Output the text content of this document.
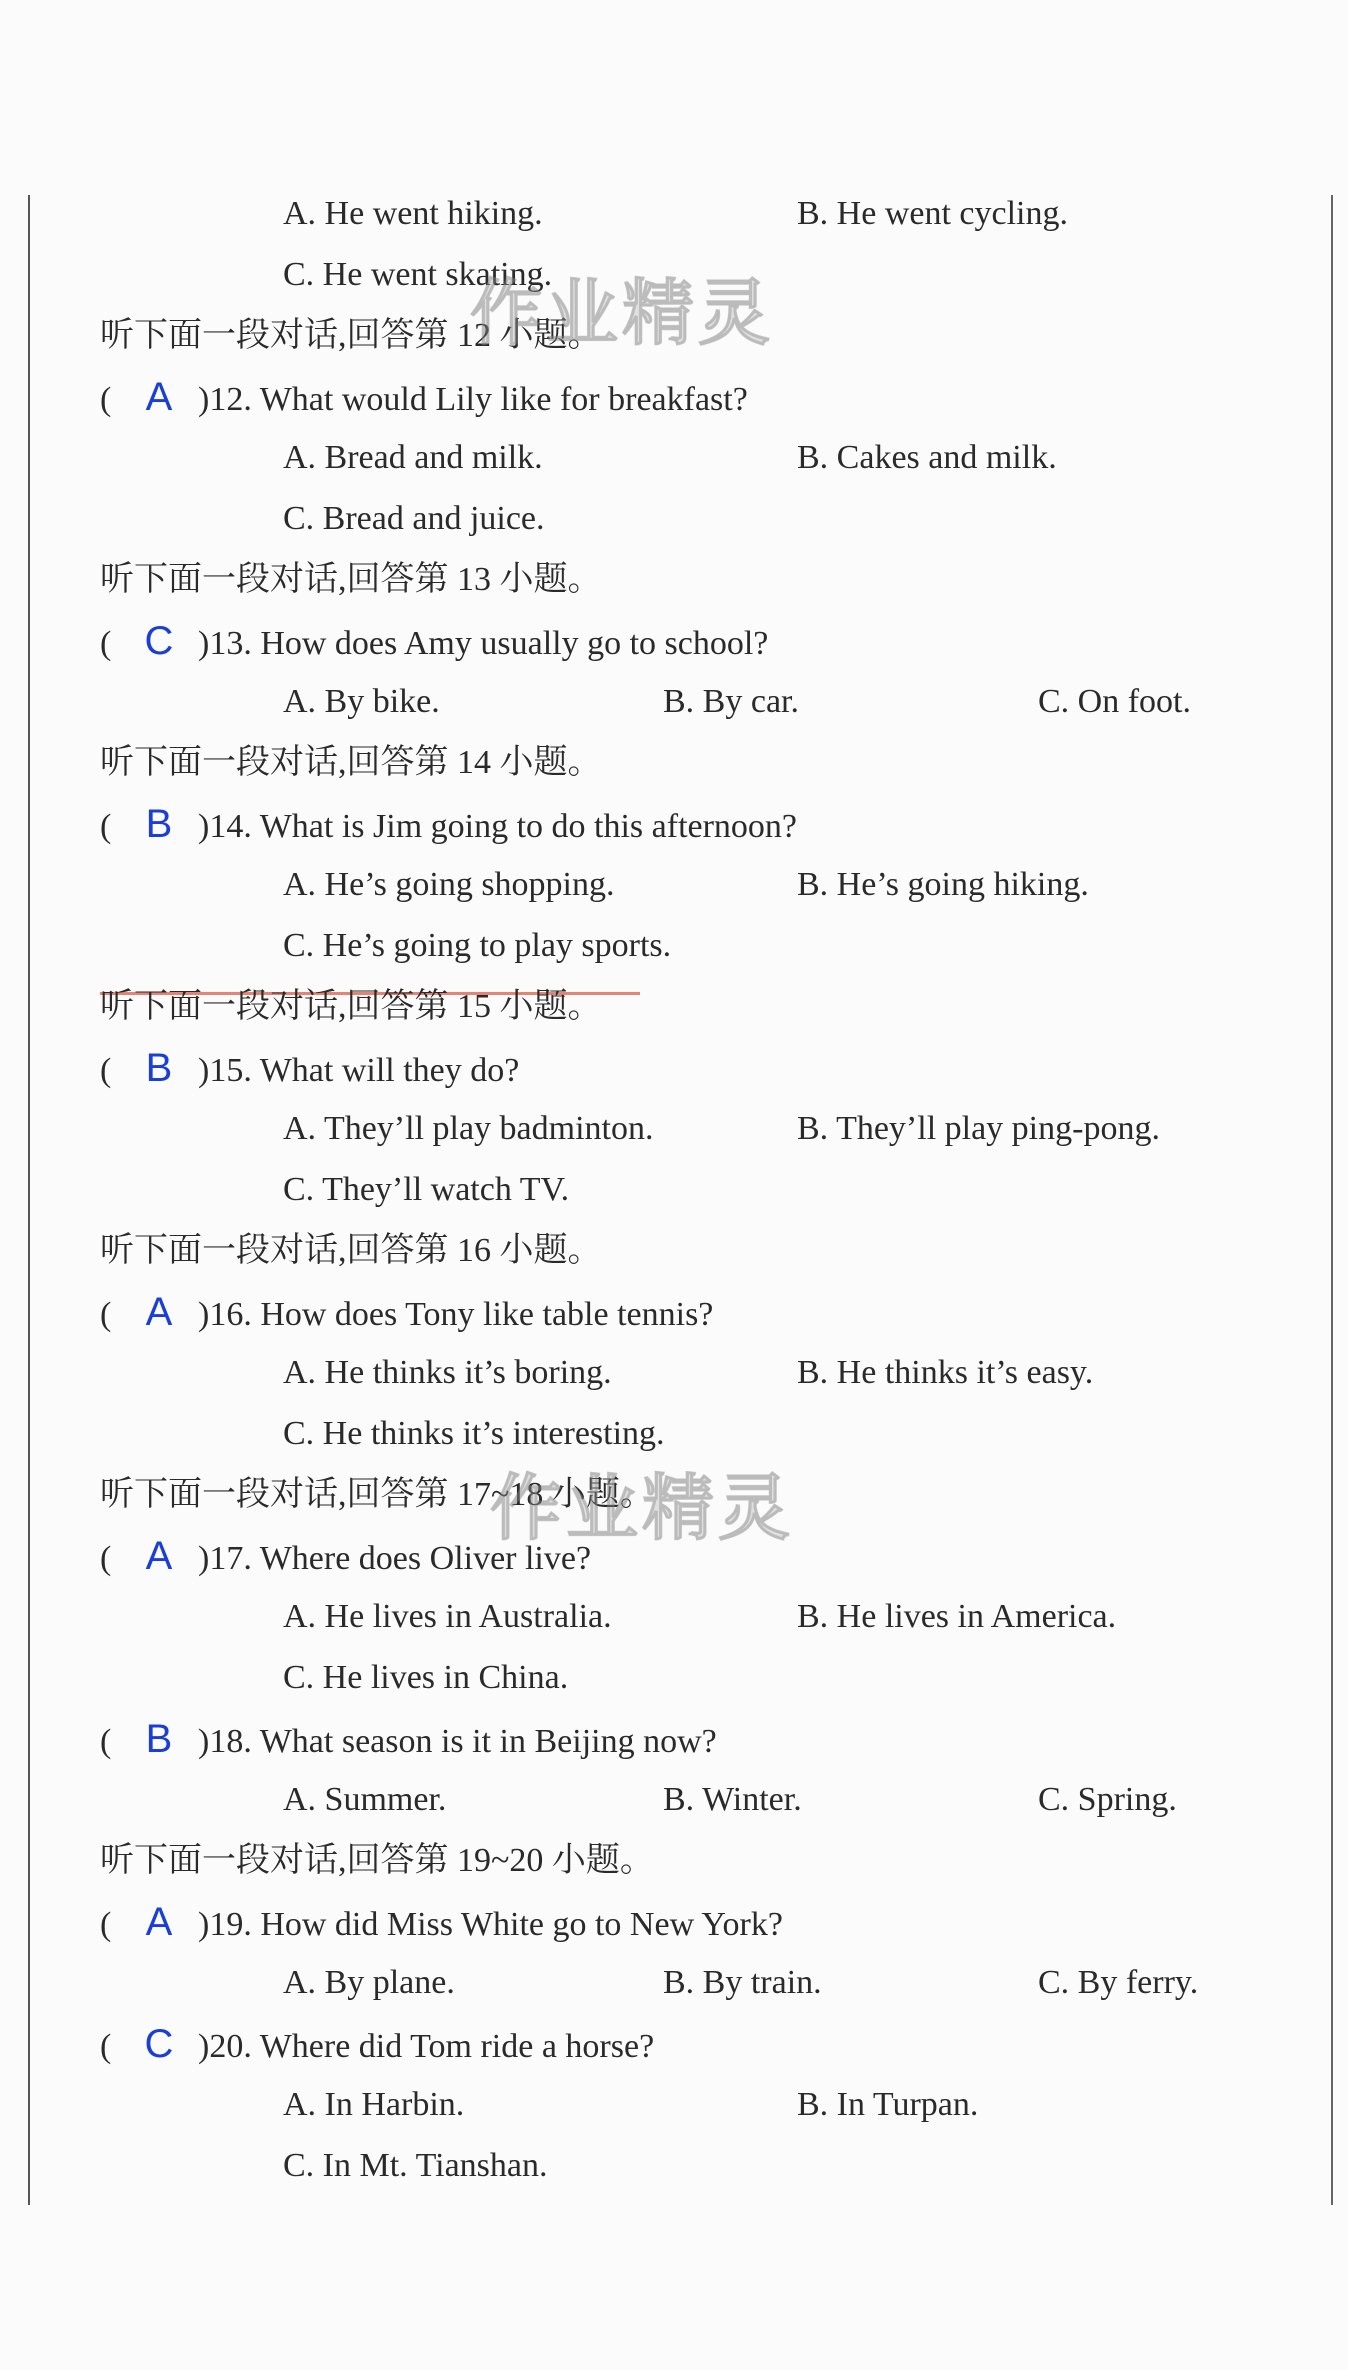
A. He went hiking.	B. He went cycling.
C. He went skating.
听下面一段对话,回答第 12 小题。
( A )12. What would Lily like for breakfast?
A. Bread and milk.	B. Cakes and milk.
C. Bread and juice.
听下面一段对话,回答第 13 小题。
( C )13. How does Amy usually go to school?
A. By bike.	B. By car.	C. On foot.
听下面一段对话,回答第 14 小题。
( B )14. What is Jim going to do this afternoon?
A. He’s going shopping.	B. He’s going hiking.
C. He’s going to play sports.
听下面一段对话,回答第 15 小题。
( B )15. What will they do?
A. They’ll play badminton.	B. They’ll play ping-pong.
C. They’ll watch TV.
听下面一段对话,回答第 16 小题。
( A )16. How does Tony like table tennis?
A. He thinks it’s boring.	B. He thinks it’s easy.
C. He thinks it’s interesting.
听下面一段对话,回答第 17~18 小题。
( A )17. Where does Oliver live?
A. He lives in Australia.	B. He lives in America.
C. He lives in China.
( B )18. What season is it in Beijing now?
A. Summer.	B. Winter.	C. Spring.
听下面一段对话,回答第 19~20 小题。
( A )19. How did Miss White go to New York?
A. By plane.	B. By train.	C. By ferry.
( C )20. Where did Tom ride a horse?
A. In Harbin.	B. In Turpan.
C. In Mt. Tianshan.
作业精灵
作业精灵
